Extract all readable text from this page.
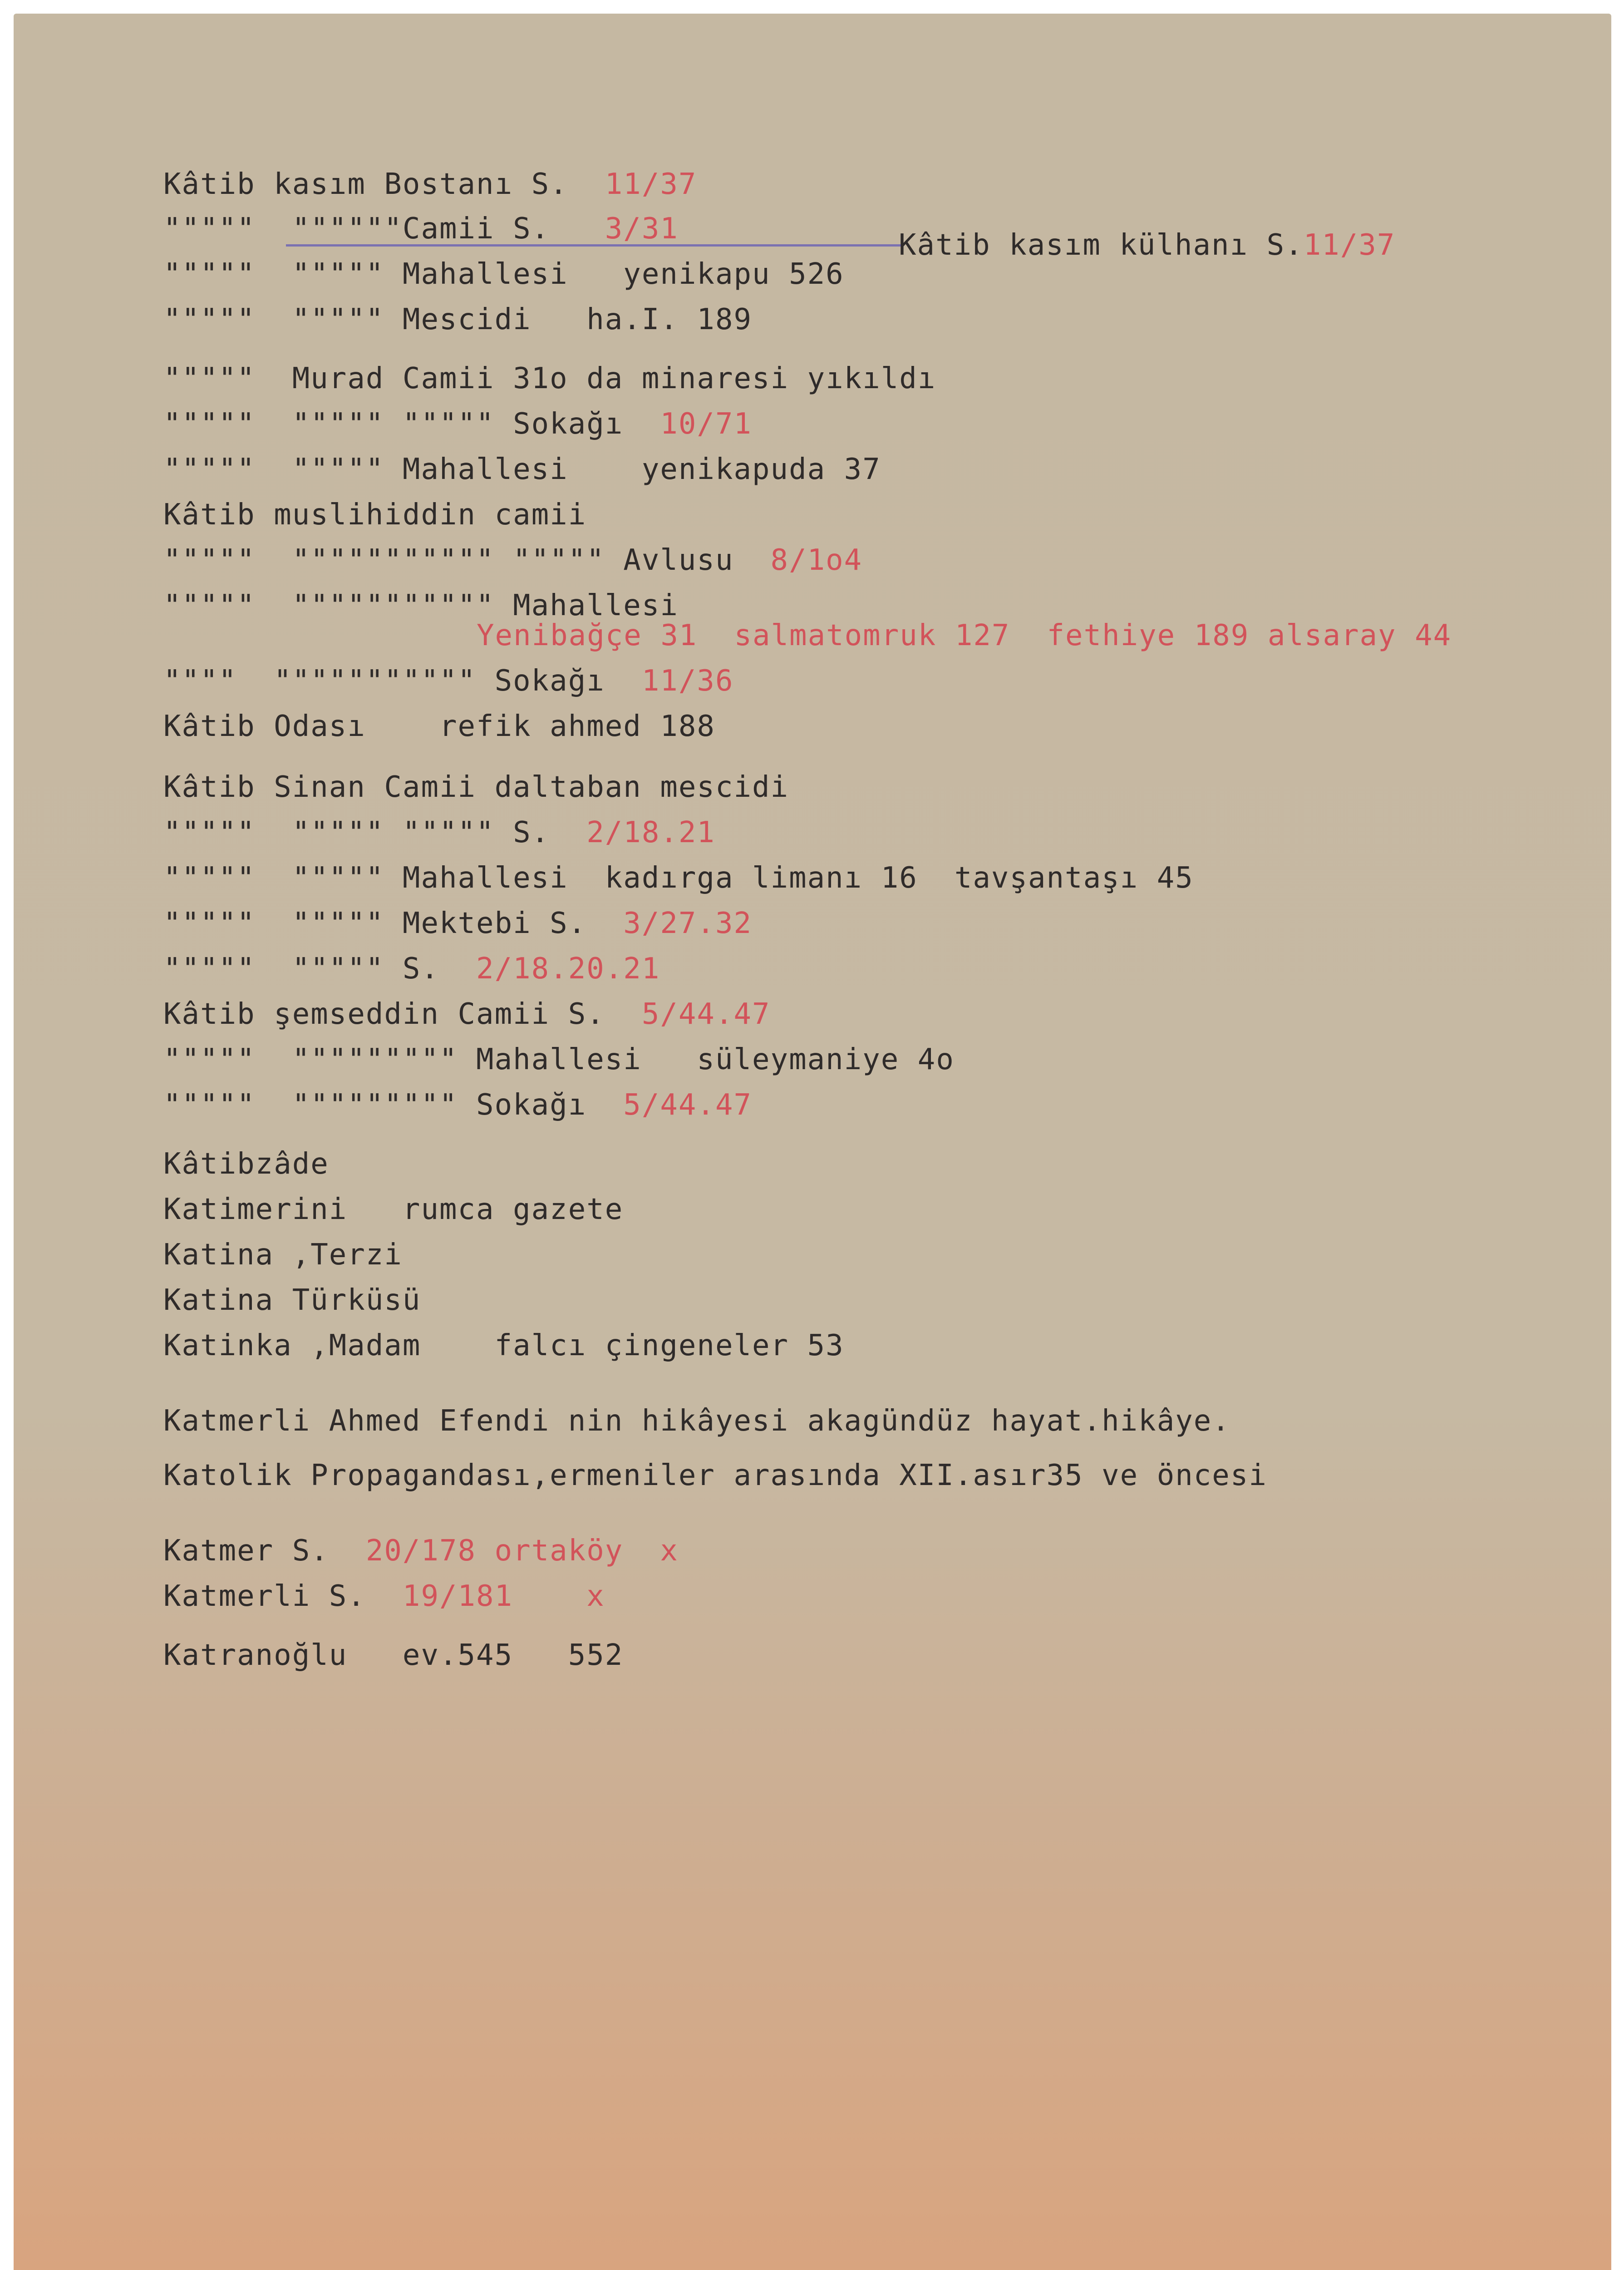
Kâtib kasım Bostanı S.  11/37
"""""  """"""Camii S.   3/31	Kâtib kasım külhanı S.11/37
"""""  """"" Mahallesi   yenikapu 526
"""""  """"" Mescidi   ha.I. 189
"""""  Murad Camii 31o da minaresi yıkıldı
"""""  """"" """"" Sokağı  10/71
"""""  """"" Mahallesi    yenikapuda 37
Kâtib muslihiddin camii
"""""  """"""""""" """"" Avlusu  8/1o4
"""""  """"""""""" Mahallesi
Yenibağçe 31  salmatomruk 127  fethiye 189 alsaray 44
""""  """"""""""" Sokağı  11/36
Kâtib Odası    refik ahmed 188
Kâtib Sinan Camii daltaban mescidi
"""""  """"" """"" S.  2/18.21
"""""  """"" Mahallesi  kadırga limanı 16  tavşantaşı 45
"""""  """"" Mektebi S.  3/27.32
"""""  """"" S.  2/18.20.21
Kâtib şemseddin Camii S.  5/44.47
"""""  """"""""" Mahallesi   süleymaniye 4o
"""""  """"""""" Sokağı  5/44.47
Kâtibzâde
Katimerini   rumca gazete
Katina ,Terzi
Katina Türküsü
Katinka ,Madam    falcı çingeneler 53
Katmerli Ahmed Efendi nin hikâyesi akagündüz hayat.hikâye.
Katolik Propagandası,ermeniler arasında XII.asır35 ve öncesi
Katmer S.  20/178 ortaköy  x
Katmerli S.  19/181    x
Katranoğlu   ev.545   552
